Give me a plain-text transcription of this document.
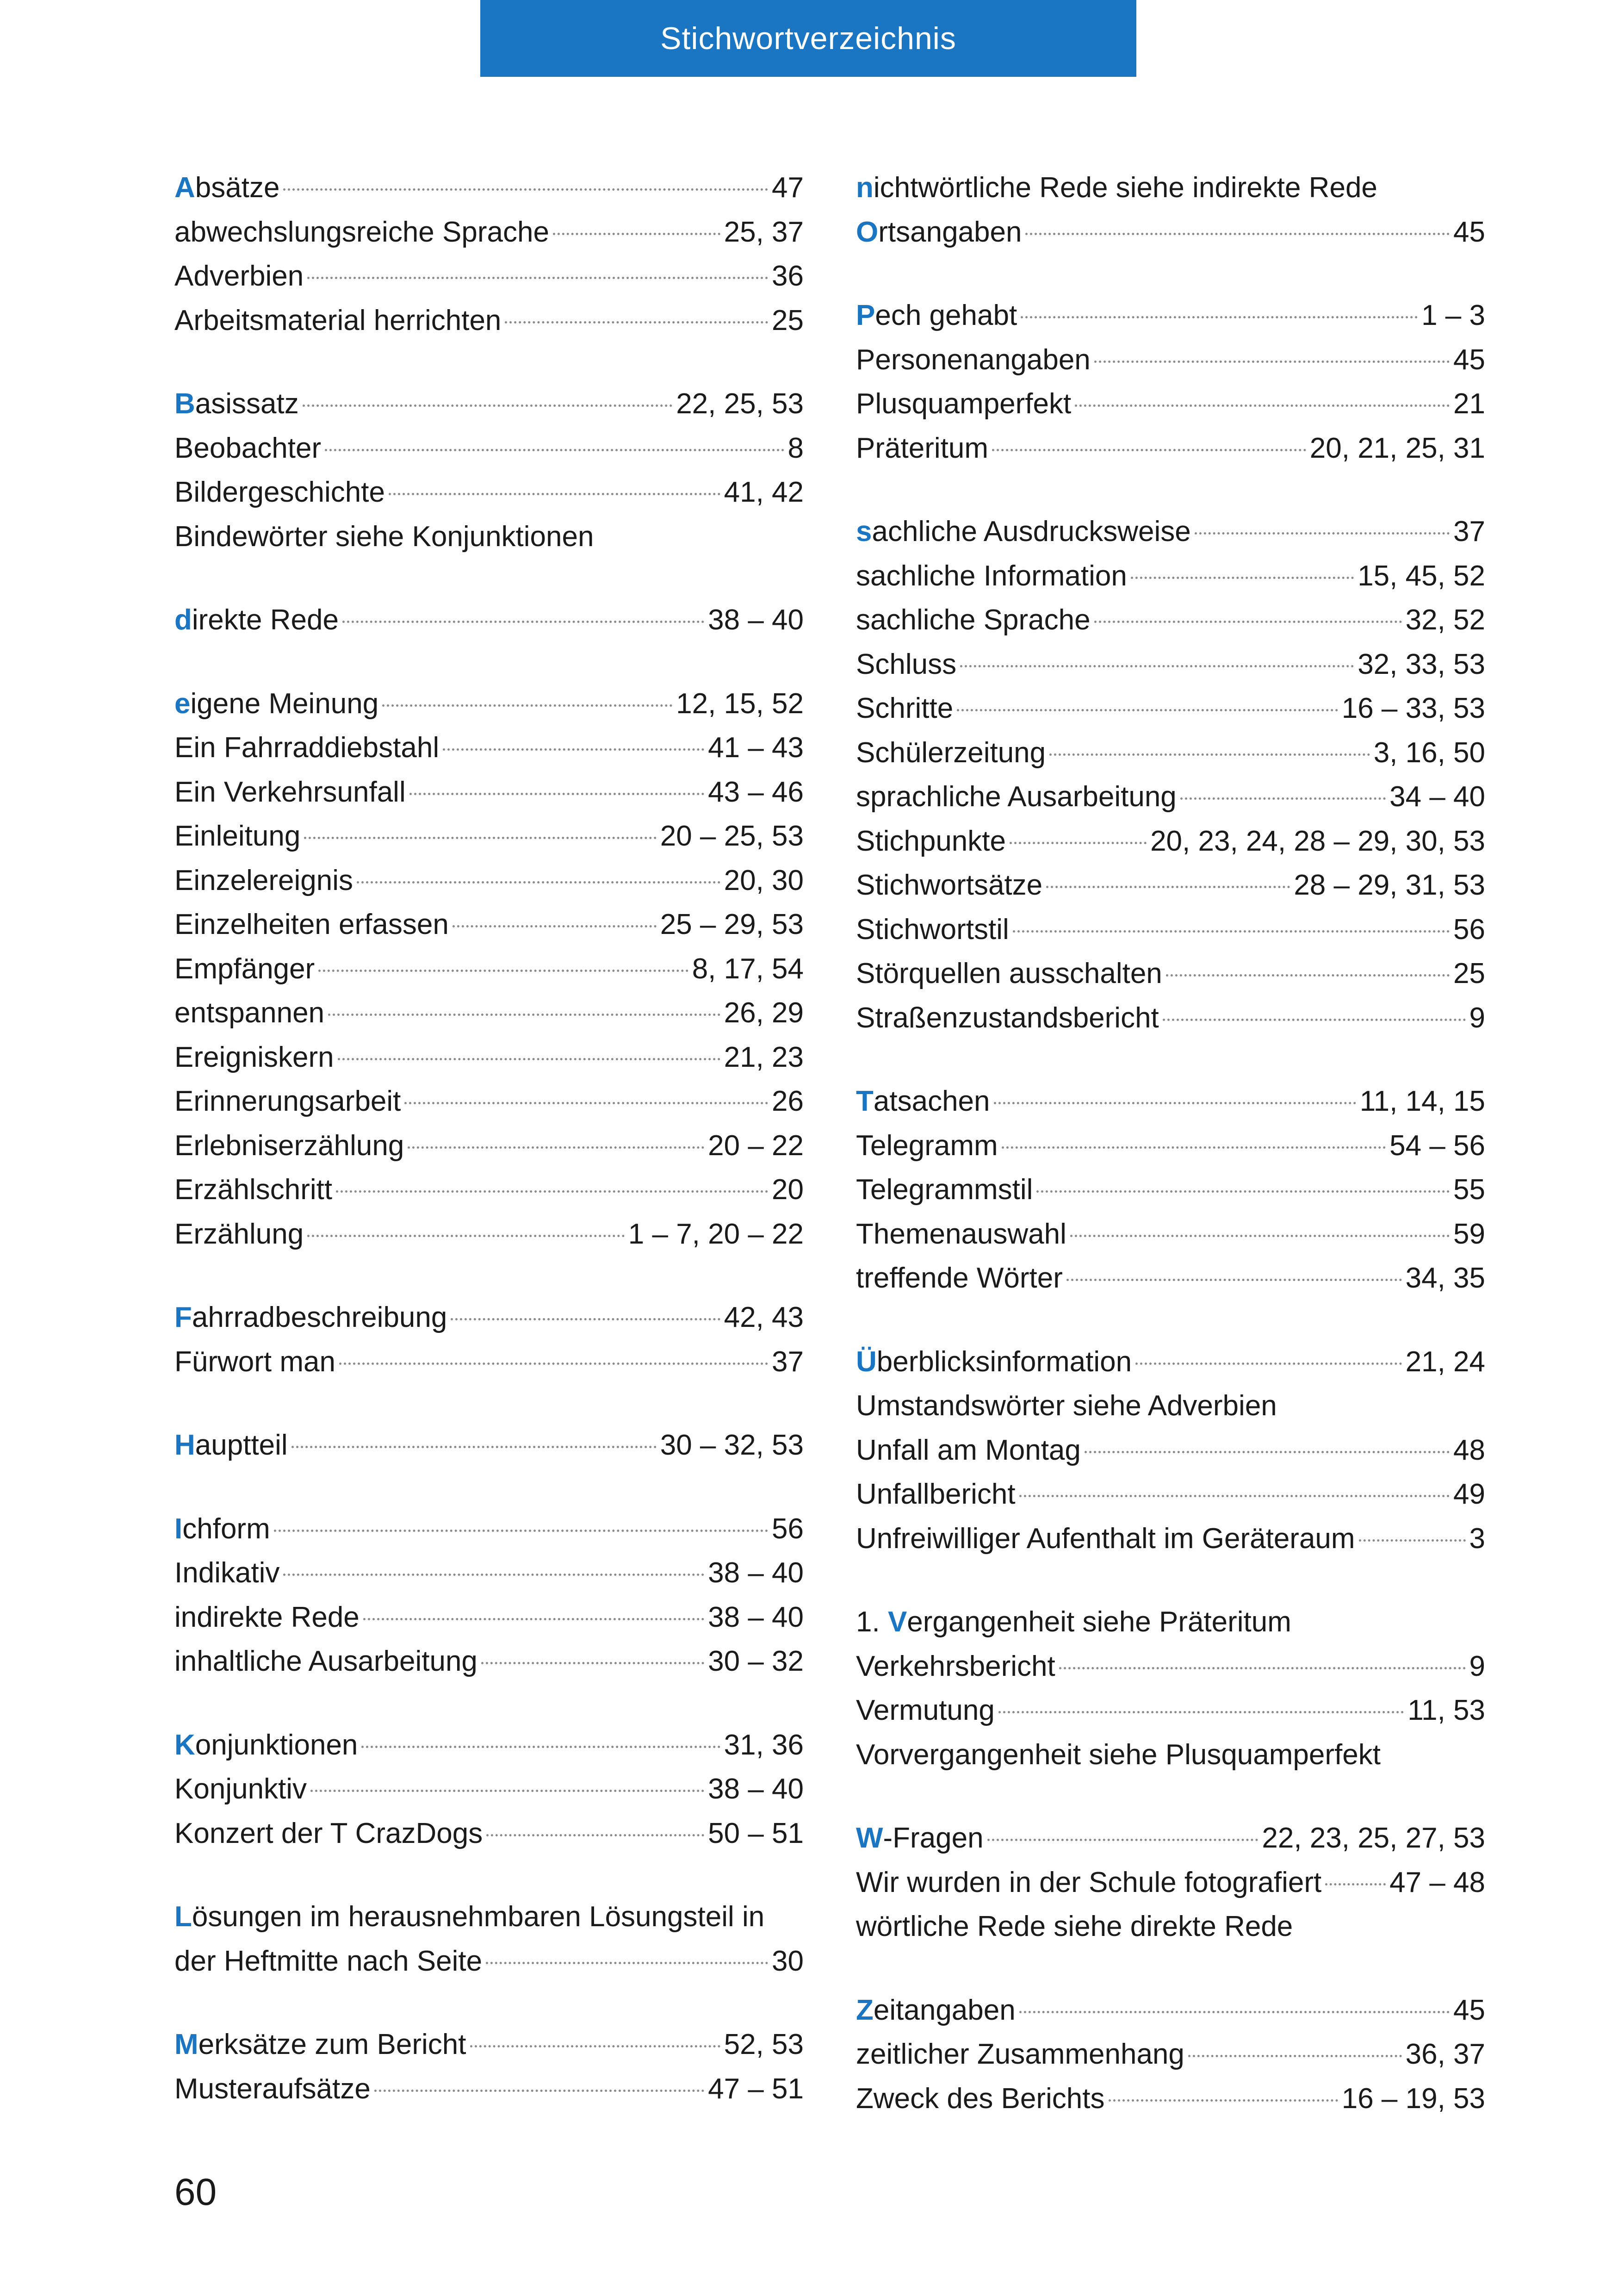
Stichwortverzeichnis
Absätze	47
abwechslungsreiche Sprache	25, 37
Adverbien	36
Arbeitsmaterial herrichten	25
Basissatz	22, 25, 53
Beobachter	8
Bildergeschichte	41, 42
Bindewörter siehe Konjunktionen
direkte Rede	38 – 40
eigene Meinung	12, 15, 52
Ein Fahrraddiebstahl	41 – 43
Ein Verkehrsunfall	43 – 46
Einleitung	20 – 25, 53
Einzelereignis	20, 30
Einzelheiten erfassen	25 – 29, 53
Empfänger	8, 17, 54
entspannen	26, 29
Ereigniskern	21, 23
Erinnerungsarbeit	26
Erlebniserzählung	20 – 22
Erzählschritt	20
Erzählung	1 – 7, 20 – 22
Fahrradbeschreibung	42, 43
Fürwort man	37
Hauptteil	30 – 32, 53
Ichform	56
Indikativ	38 – 40
indirekte Rede	38 – 40
inhaltliche Ausarbeitung	30 – 32
Konjunktionen	31, 36
Konjunktiv	38 – 40
Konzert der T CrazDogs	50 – 51
Lösungen im herausnehmbaren Lösungsteil in
der Heftmitte nach Seite	30
Merksätze zum Bericht	52, 53
Musteraufsätze	47 – 51
nichtwörtliche Rede siehe indirekte Rede
Ortsangaben	45
Pech gehabt	1 – 3
Personenangaben	45
Plusquamperfekt	21
Präteritum	20, 21, 25, 31
sachliche Ausdrucksweise	37
sachliche Information	15, 45, 52
sachliche Sprache	32, 52
Schluss	32, 33, 53
Schritte	16 – 33, 53
Schülerzeitung	3, 16, 50
sprachliche Ausarbeitung	34 – 40
Stichpunkte	20, 23, 24, 28 – 29, 30, 53
Stichwortsätze	28 – 29, 31, 53
Stichwortstil	56
Störquellen ausschalten	25
Straßenzustandsbericht	9
Tatsachen	11, 14, 15
Telegramm	54 – 56
Telegrammstil	55
Themenauswahl	59
treffende Wörter	34, 35
Überblicksinformation	21, 24
Umstandswörter siehe Adverbien
Unfall am Montag	48
Unfallbericht	49
Unfreiwilliger Aufenthalt im Geräteraum	3
1. Vergangenheit siehe Präteritum
Verkehrsbericht	9
Vermutung	11, 53
Vorvergangenheit siehe Plusquamperfekt
W-Fragen	22, 23, 25, 27, 53
Wir wurden in der Schule fotografiert 47 – 48
wörtliche Rede siehe direkte Rede
Zeitangaben	45
zeitlicher Zusammenhang	36, 37
Zweck des Berichts	16 – 19, 53
60
